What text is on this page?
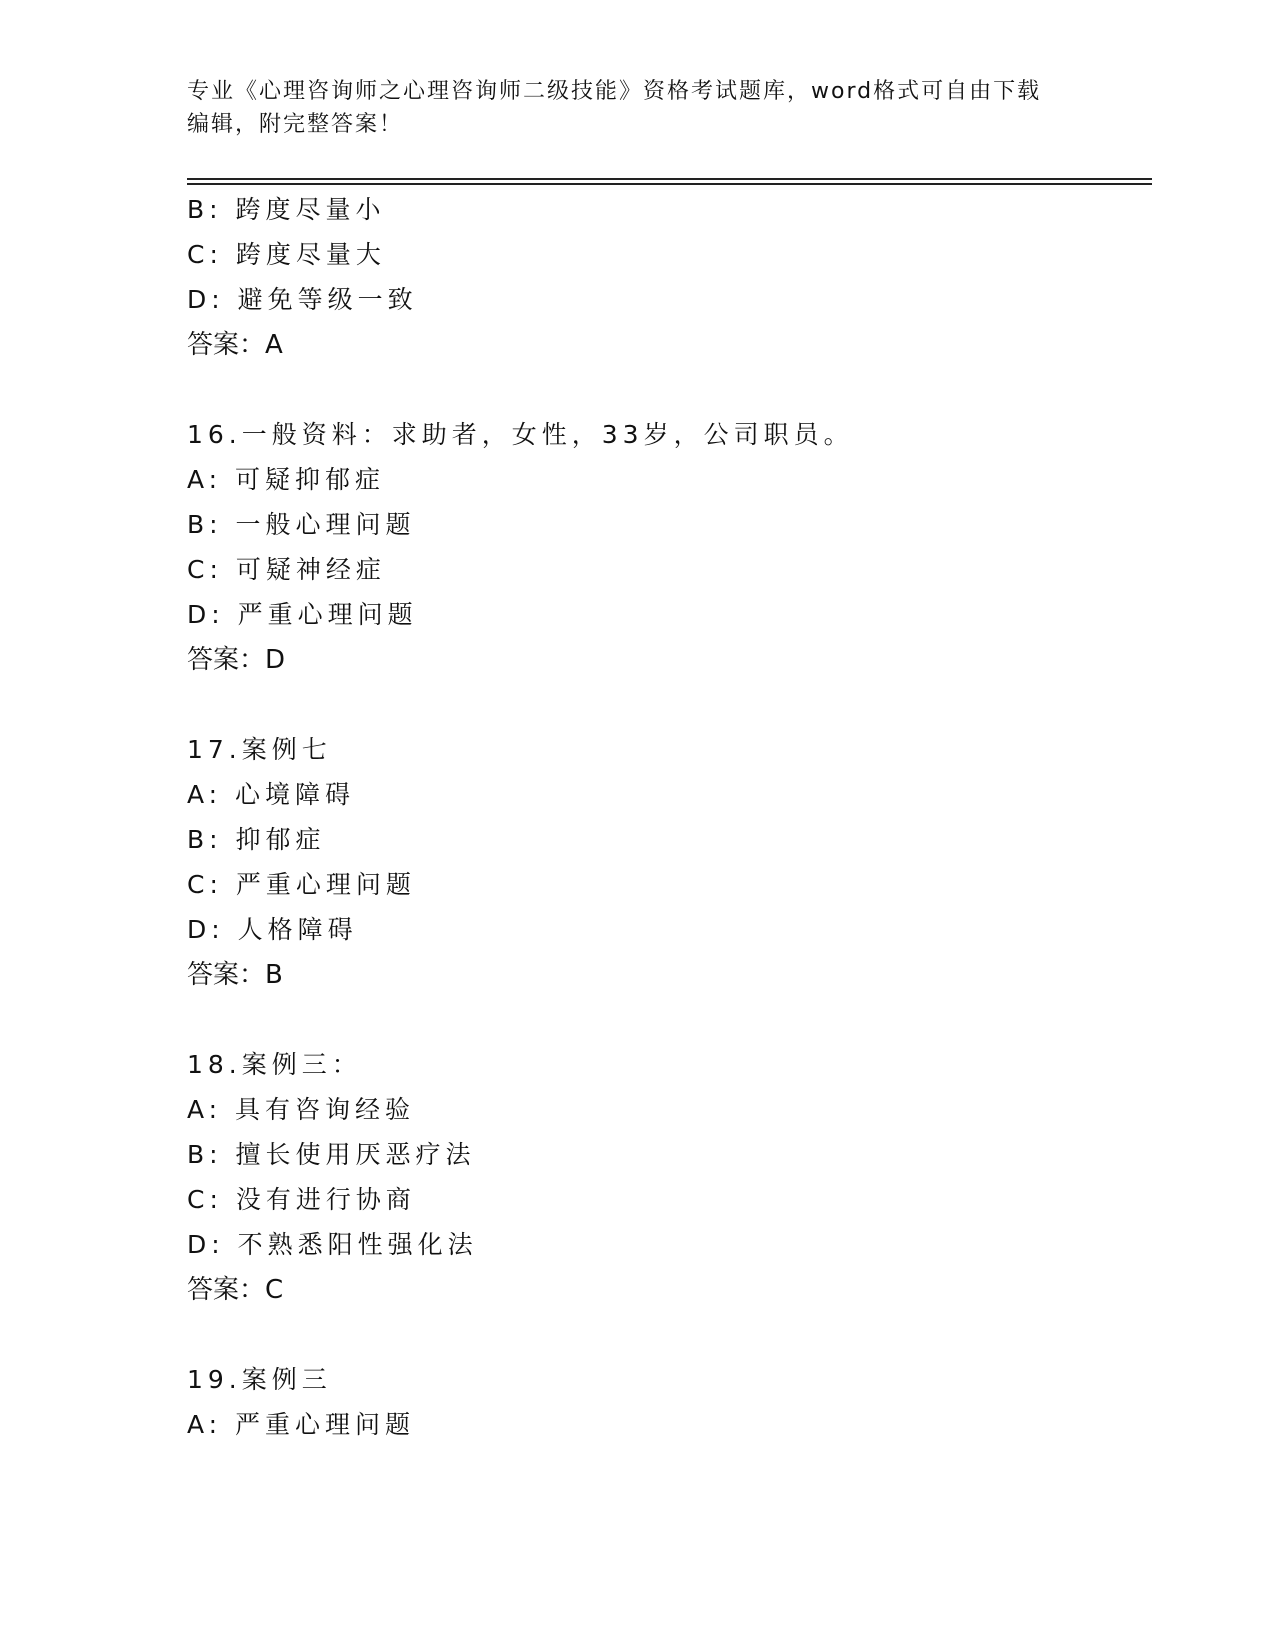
专业《心理咨询师之心理咨询师二级技能》资格考试题库，word格式可自由下载
编辑，附完整答案！
B: 跨度尽量小
C: 跨度尽量大
D: 避免等级一致
答案：A
16.一般资料：求助者，女性，33岁，公司职员。
A: 可疑抑郁症
B: 一般心理问题
C: 可疑神经症
D: 严重心理问题
答案：D
17.案例七
A: 心境障碍
B: 抑郁症
C: 严重心理问题
D: 人格障碍
答案：B
18.案例三：
A: 具有咨询经验
B: 擅长使用厌恶疗法
C: 没有进行协商
D: 不熟悉阳性强化法
答案：C
19.案例三
A: 严重心理问题
